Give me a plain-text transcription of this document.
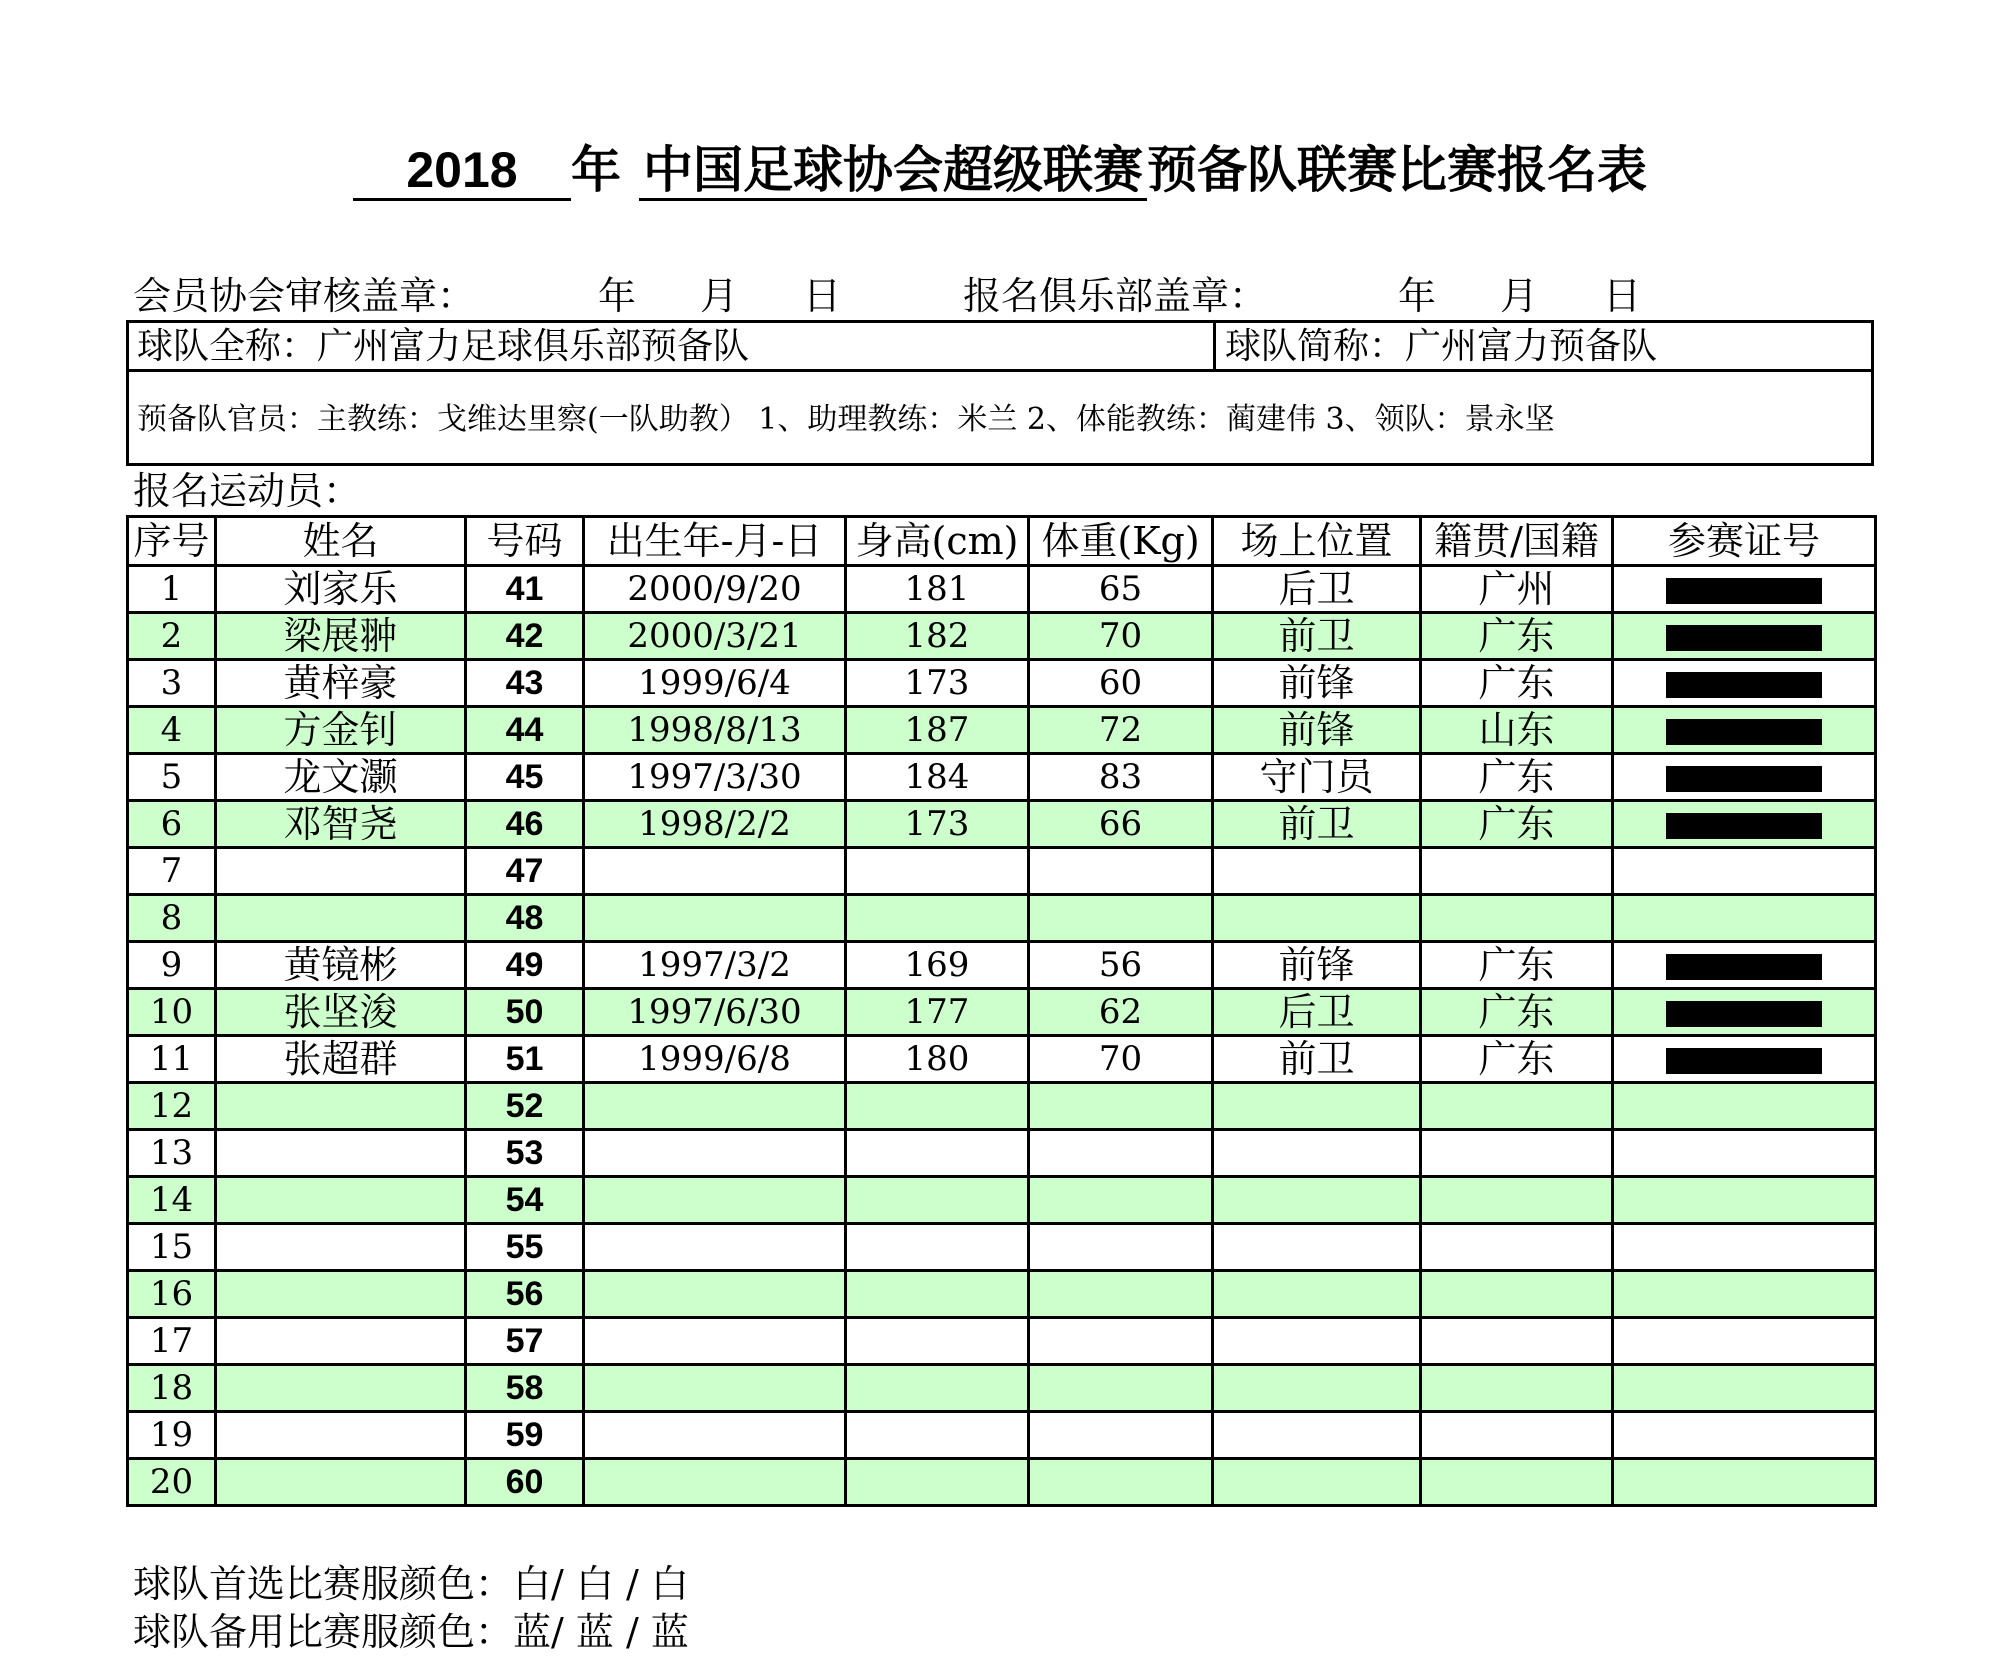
2018 年 中国足球协会超级联赛预备队联赛比赛报名表
会员协会审核盖章：	年 月 日	报名俱乐部盖章：	年 月 日
球队全称：广州富力足球俱乐部预备队	球队简称：广州富力预备队
预备队官员：主教练：戈维达里察(一队助教） 1、助理教练：米兰 2、体能教练：蔺建伟 3、领队：景永坚
报名运动员：
序号	姓名	号码	出生年-月-日	身高(cm)	体重(Kg)	场上位置	籍贯/国籍	参赛证号
1	刘家乐	41	2000/9/20	181	65	后卫	广州	
2	梁展翀	42	2000/3/21	182	70	前卫	广东	
3	黄梓豪	43	1999/6/4	173	60	前锋	广东	
4	方金钊	44	1998/8/13	187	72	前锋	山东	
5	龙文灏	45	1997/3/30	184	83	守门员	广东	
6	邓智尧	46	1998/2/2	173	66	前卫	广东	
7		47						
8		48						
9	黄镜彬	49	1997/3/2	169	56	前锋	广东	
10	张坚浚	50	1997/6/30	177	62	后卫	广东	
11	张超群	51	1999/6/8	180	70	前卫	广东	
12		52						
13		53						
14		54						
15		55						
16		56						
17		57						
18		58						
19		59						
20		60						
球队首选比赛服颜色：白/ 白 / 白
球队备用比赛服颜色：蓝/ 蓝 / 蓝
